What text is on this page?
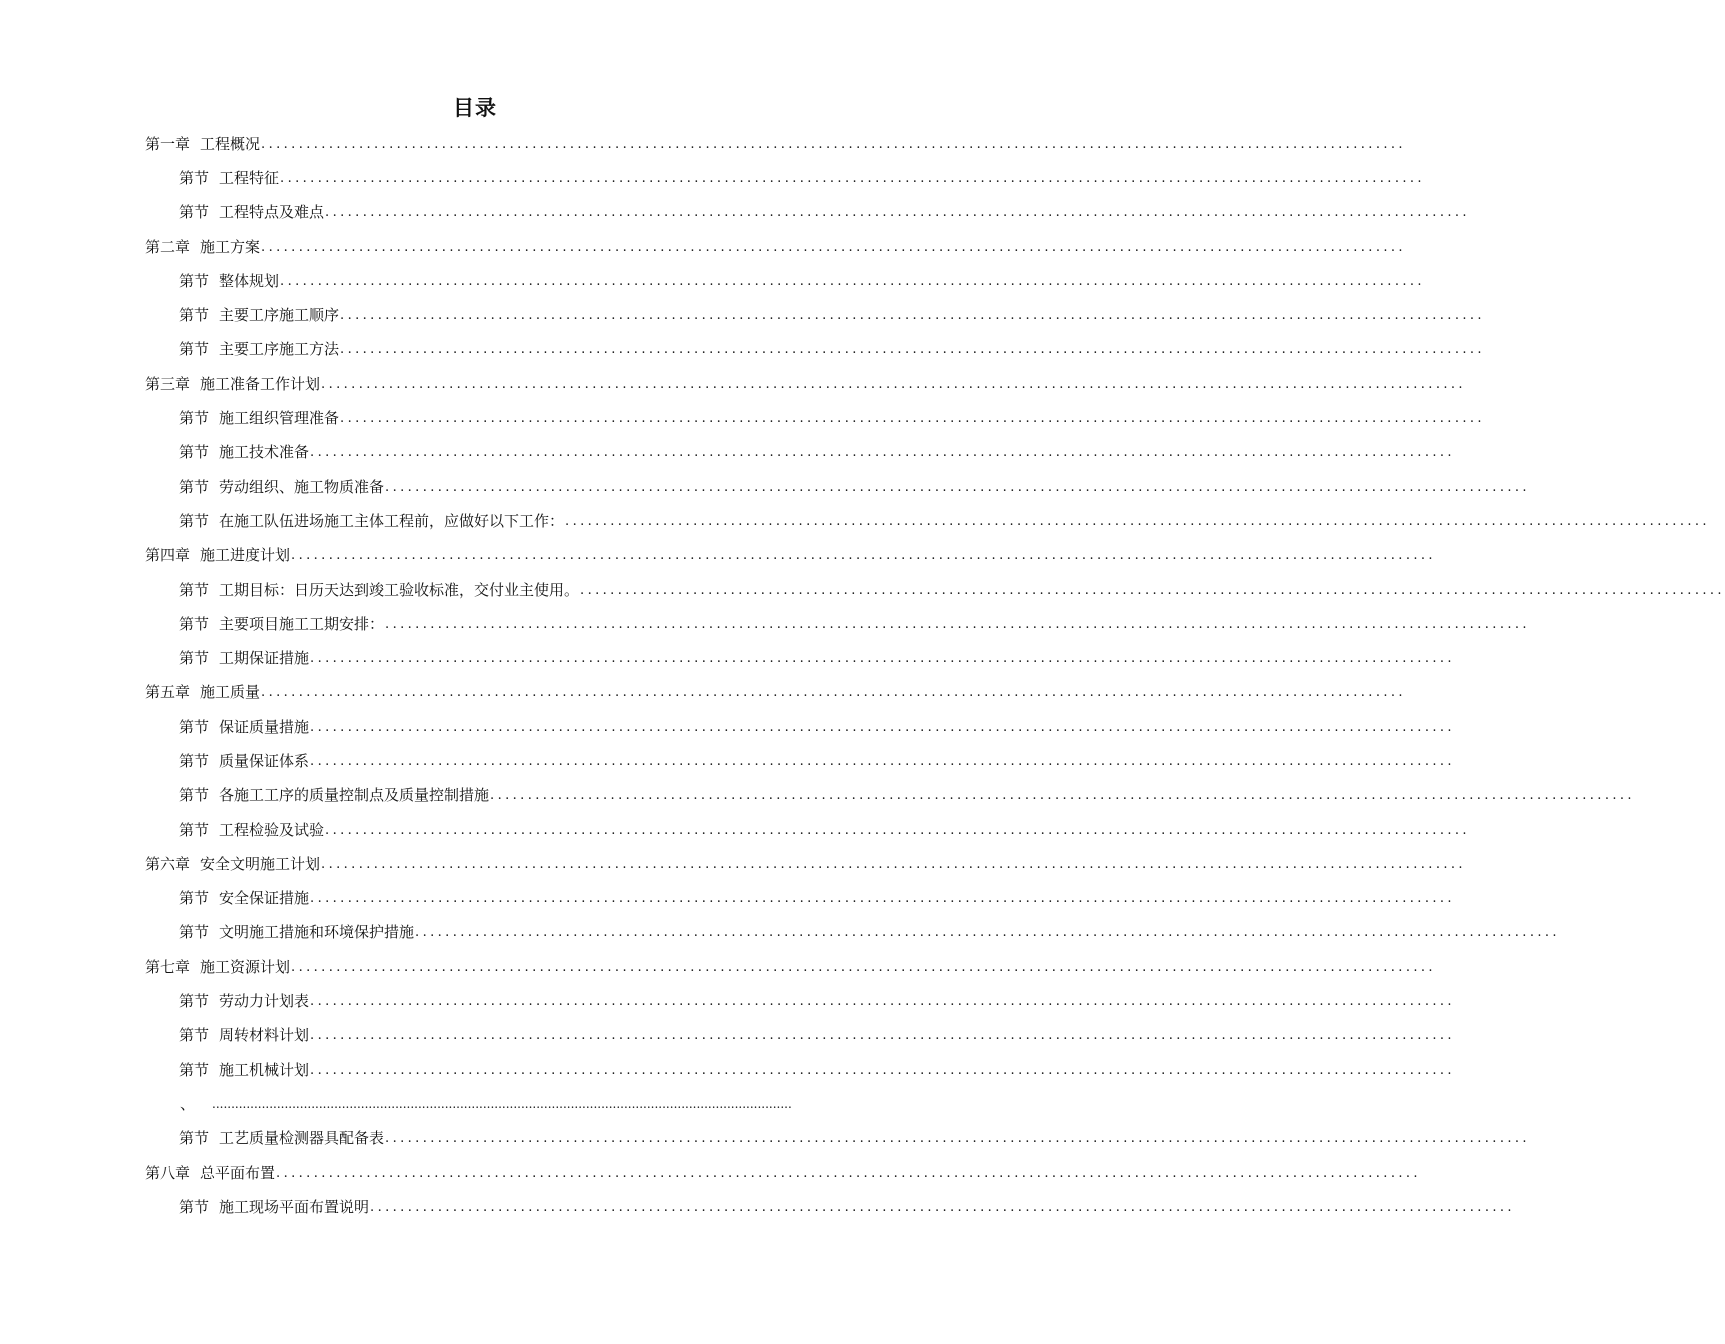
目录
第一章 工程概况 ........................................................................................................................................................
第节 工程特征 ........................................................................................................................................................
第节 工程特点及难点 ........................................................................................................................................................
第二章 施工方案 ........................................................................................................................................................
第节 整体规划 ........................................................................................................................................................
第节 主要工序施工顺序 ........................................................................................................................................................
第节 主要工序施工方法 ........................................................................................................................................................
第三章 施工准备工作计划 ........................................................................................................................................................
第节 施工组织管理准备 ........................................................................................................................................................
第节 施工技术准备 ........................................................................................................................................................
第节 劳动组织、施工物质准备 ........................................................................................................................................................
第节 在施工队伍进场施工主体工程前，应做好以下工作： ........................................................................................................................................................
第四章 施工进度计划 ........................................................................................................................................................
第节 工期目标：日历天达到竣工验收标准，交付业主使用。 ........................................................................................................................................................
第节 主要项目施工工期安排： ........................................................................................................................................................
第节 工期保证措施 ........................................................................................................................................................
第五章 施工质量 ........................................................................................................................................................
第节 保证质量措施 ........................................................................................................................................................
第节 质量保证体系 ........................................................................................................................................................
第节 各施工工序的质量控制点及质量控制措施 ........................................................................................................................................................
第节 工程检验及试验 ........................................................................................................................................................
第六章 安全文明施工计划 ........................................................................................................................................................
第节 安全保证措施 ........................................................................................................................................................
第节 文明施工措施和环境保护措施 ........................................................................................................................................................
第七章 施工资源计划 ........................................................................................................................................................
第节 劳动力计划表 ........................................................................................................................................................
第节 周转材料计划 ........................................................................................................................................................
第节 施工机械计划 ........................................................................................................................................................
、 ........................................................................................................................................................
第节 工艺质量检测器具配备表 ........................................................................................................................................................
第八章 总平面布置 ........................................................................................................................................................
第节 施工现场平面布置说明 ........................................................................................................................................................
